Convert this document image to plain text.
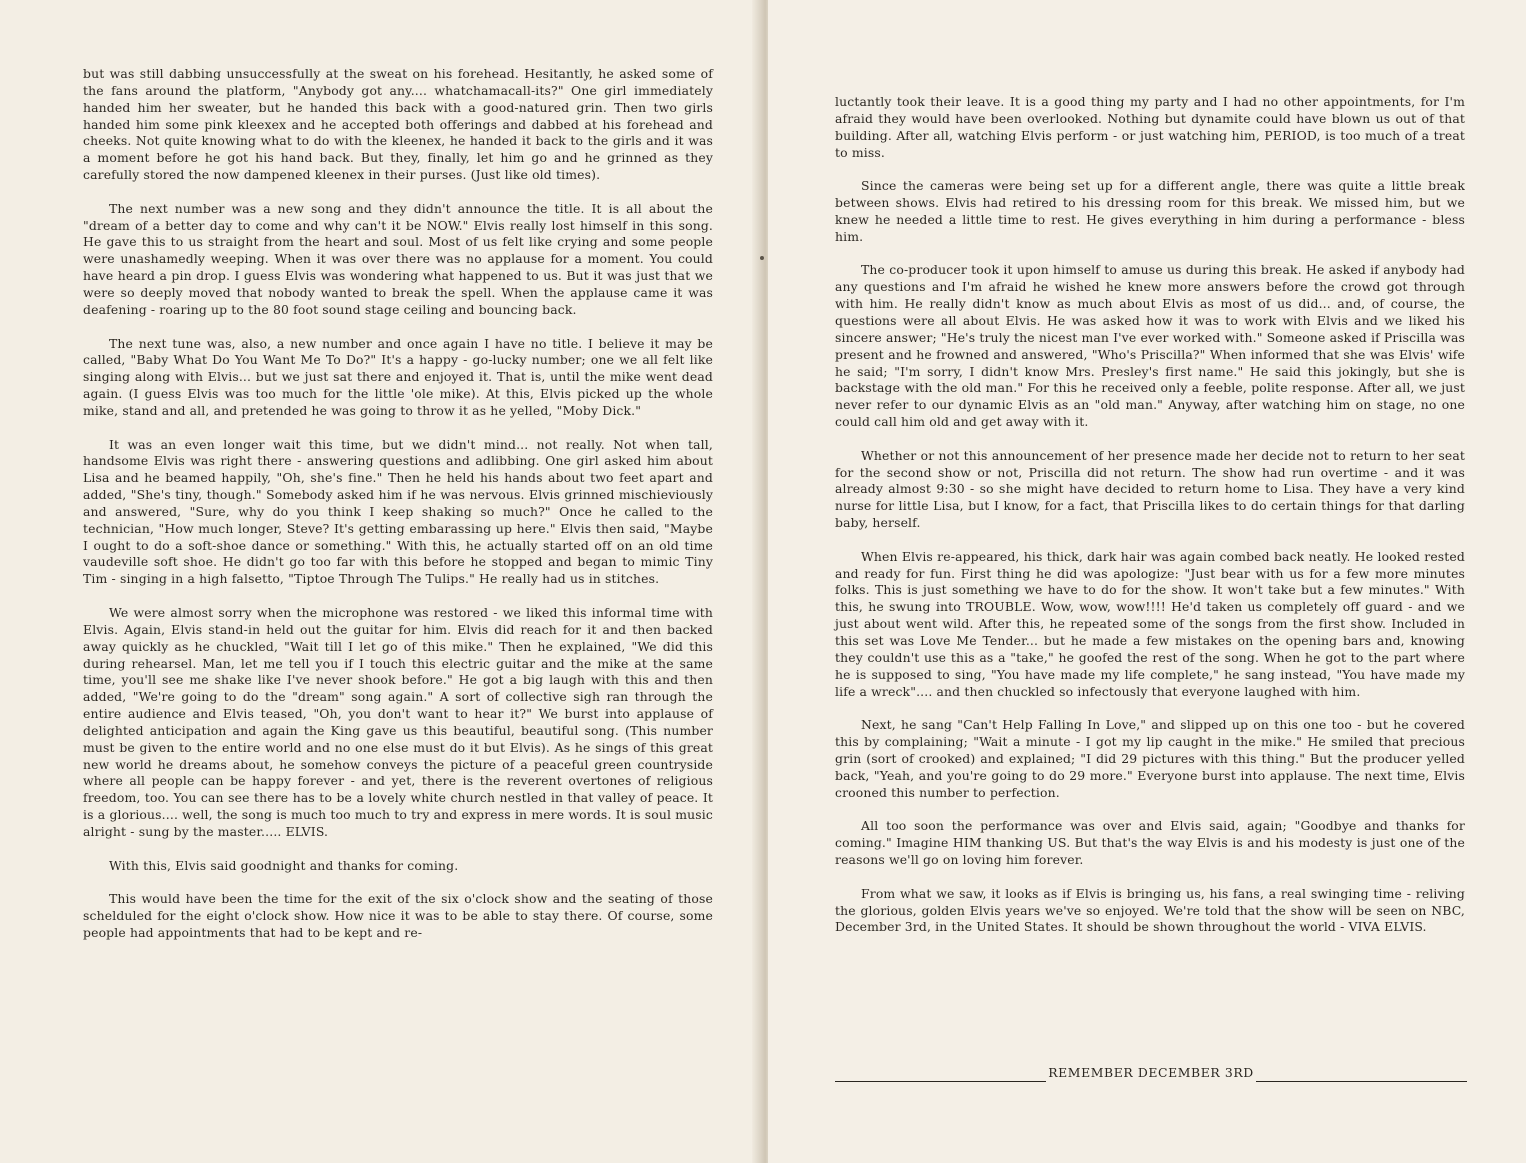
but was still dabbing unsuccessfully at the sweat on his forehead. Hesitantly, he asked some of the fans around the platform, "Anybody got any.... whatchamacall-its?" One girl immediately handed him her sweater, but he handed this back with a good-natured grin. Then two girls handed him some pink kleexex and he accepted both offerings and dabbed at his forehead and cheeks. Not quite knowing what to do with the kleenex, he handed it back to the girls and it was a moment before he got his hand back. But they, finally, let him go and he grinned as they carefully stored the now dampened kleenex in their purses. (Just like old times).

The next number was a new song and they didn't announce the title. It is all about the "dream of a better day to come and why can't it be NOW." Elvis really lost himself in this song. He gave this to us straight from the heart and soul. Most of us felt like crying and some people were unashamedly weeping. When it was over there was no applause for a moment. You could have heard a pin drop. I guess Elvis was wondering what happened to us. But it was just that we were so deeply moved that nobody wanted to break the spell. When the applause came it was deafening - roaring up to the 80 foot sound stage ceiling and bouncing back.

The next tune was, also, a new number and once again I have no title. I believe it may be called, "Baby What Do You Want Me To Do?" It's a happy - go-lucky number; one we all felt like singing along with Elvis... but we just sat there and enjoyed it. That is, until the mike went dead again. (I guess Elvis was too much for the little 'ole mike). At this, Elvis picked up the whole mike, stand and all, and pretended he was going to throw it as he yelled, "Moby Dick."

It was an even longer wait this time, but we didn't mind... not really. Not when tall, handsome Elvis was right there - answering questions and adlibbing. One girl asked him about Lisa and he beamed happily, "Oh, she's fine." Then he held his hands about two feet apart and added, "She's tiny, though." Somebody asked him if he was nervous. Elvis grinned mischieviously and answered, "Sure, why do you think I keep shaking so much?" Once he called to the technician, "How much longer, Steve? It's getting embarassing up here." Elvis then said, "Maybe I ought to do a soft-shoe dance or something." With this, he actually started off on an old time vaudeville soft shoe. He didn't go too far with this before he stopped and began to mimic Tiny Tim - singing in a high falsetto, "Tiptoe Through The Tulips." He really had us in stitches.

We were almost sorry when the microphone was restored - we liked this informal time with Elvis. Again, Elvis stand-in held out the guitar for him. Elvis did reach for it and then backed away quickly as he chuckled, "Wait till I let go of this mike." Then he explained, "We did this during rehearsel. Man, let me tell you if I touch this electric guitar and the mike at the same time, you'll see me shake like I've never shook before." He got a big laugh with this and then added, "We're going to do the "dream" song again." A sort of collective sigh ran through the entire audience and Elvis teased, "Oh, you don't want to hear it?" We burst into applause of delighted anticipation and again the King gave us this beautiful, beautiful song. (This number must be given to the entire world and no one else must do it but Elvis). As he sings of this great new world he dreams about, he somehow conveys the picture of a peaceful green countryside where all people can be happy forever - and yet, there is the reverent overtones of religious freedom, too. You can see there has to be a lovely white church nestled in that valley of peace. It is a glorious.... well, the song is much too much to try and express in mere words. It is soul music alright - sung by the master..... ELVIS.

With this, Elvis said goodnight and thanks for coming.

This would have been the time for the exit of the six o'clock show and the seating of those schelduled for the eight o'clock show. How nice it was to be able to stay there. Of course, some people had appointments that had to be kept and re-

luctantly took their leave. It is a good thing my party and I had no other appointments, for I'm afraid they would have been overlooked. Nothing but dynamite could have blown us out of that building. After all, watching Elvis perform - or just watching him, PERIOD, is too much of a treat to miss.

Since the cameras were being set up for a different angle, there was quite a little break between shows. Elvis had retired to his dressing room for this break. We missed him, but we knew he needed a little time to rest. He gives everything in him during a performance - bless him.

The co-producer took it upon himself to amuse us during this break. He asked if anybody had any questions and I'm afraid he wished he knew more answers before the crowd got through with him. He really didn't know as much about Elvis as most of us did... and, of course, the questions were all about Elvis. He was asked how it was to work with Elvis and we liked his sincere answer; "He's truly the nicest man I've ever worked with." Someone asked if Priscilla was present and he frowned and answered, "Who's Priscilla?" When informed that she was Elvis' wife he said; "I'm sorry, I didn't know Mrs. Presley's first name." He said this jokingly, but she is backstage with the old man." For this he received only a feeble, polite response. After all, we just never refer to our dynamic Elvis as an "old man." Anyway, after watching him on stage, no one could call him old and get away with it.

Whether or not this announcement of her presence made her decide not to return to her seat for the second show or not, Priscilla did not return. The show had run overtime - and it was already almost 9:30 - so she might have decided to return home to Lisa. They have a very kind nurse for little Lisa, but I know, for a fact, that Priscilla likes to do certain things for that darling baby, herself.

When Elvis re-appeared, his thick, dark hair was again combed back neatly. He looked rested and ready for fun. First thing he did was apologize: "Just bear with us for a few more minutes folks. This is just something we have to do for the show. It won't take but a few minutes." With this, he swung into TROUBLE. Wow, wow, wow!!!! He'd taken us completely off guard - and we just about went wild. After this, he repeated some of the songs from the first show. Included in this set was Love Me Tender... but he made a few mistakes on the opening bars and, knowing they couldn't use this as a "take," he goofed the rest of the song. When he got to the part where he is supposed to sing, "You have made my life complete," he sang instead, "You have made my life a wreck".... and then chuckled so infectously that everyone laughed with him.

Next, he sang "Can't Help Falling In Love," and slipped up on this one too - but he covered this by complaining; "Wait a minute - I got my lip caught in the mike." He smiled that precious grin (sort of crooked) and explained; "I did 29 pictures with this thing." But the producer yelled back, "Yeah, and you're going to do 29 more." Everyone burst into applause. The next time, Elvis crooned this number to perfection.

All too soon the performance was over and Elvis said, again; "Goodbye and thanks for coming." Imagine HIM thanking US. But that's the way Elvis is and his modesty is just one of the reasons we'll go on loving him forever.

From what we saw, it looks as if Elvis is bringing us, his fans, a real swinging time - reliving the glorious, golden Elvis years we've so enjoyed. We're told that the show will be seen on NBC, December 3rd, in the United States. It should be shown throughout the world - VIVA ELVIS.

REMEMBER DECEMBER 3RD
